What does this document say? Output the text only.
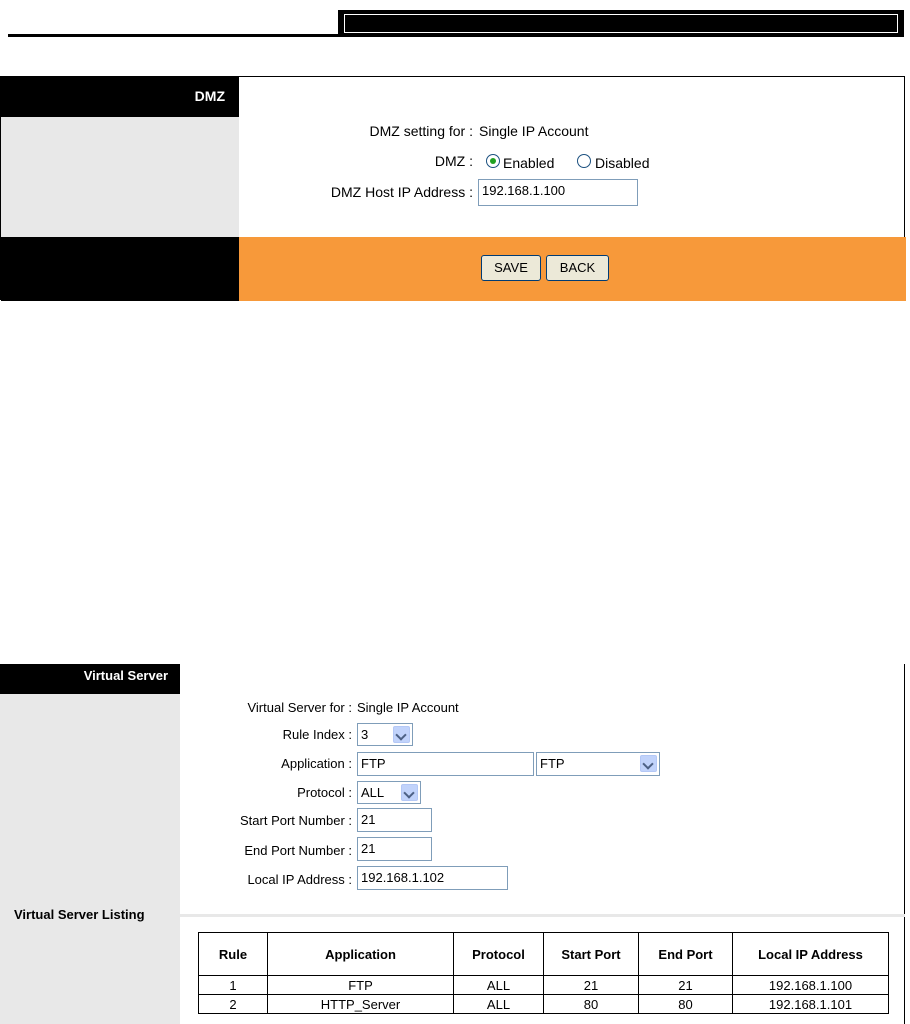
DMZ
DMZ setting for : Single IP Account
DMZ : Enabled	Disabled
DMZ Host IP Address : 192.168.1.100
SAVE	BACK
Virtual Server
Virtual Server Listing
Virtual Server for : Single IP Account
Rule Index : 3
Application : FTP	FTP
Protocol : ALL
Start Port Number : 21
End Port Number : 21
Local IP Address : 192.168.1.102
Rule	Application	Protocol	Start Port	End Port	Local IP Address
1	FTP	ALL	21	21	192.168.1.100
2	HTTP_Server	ALL	80	80	192.168.1.101
